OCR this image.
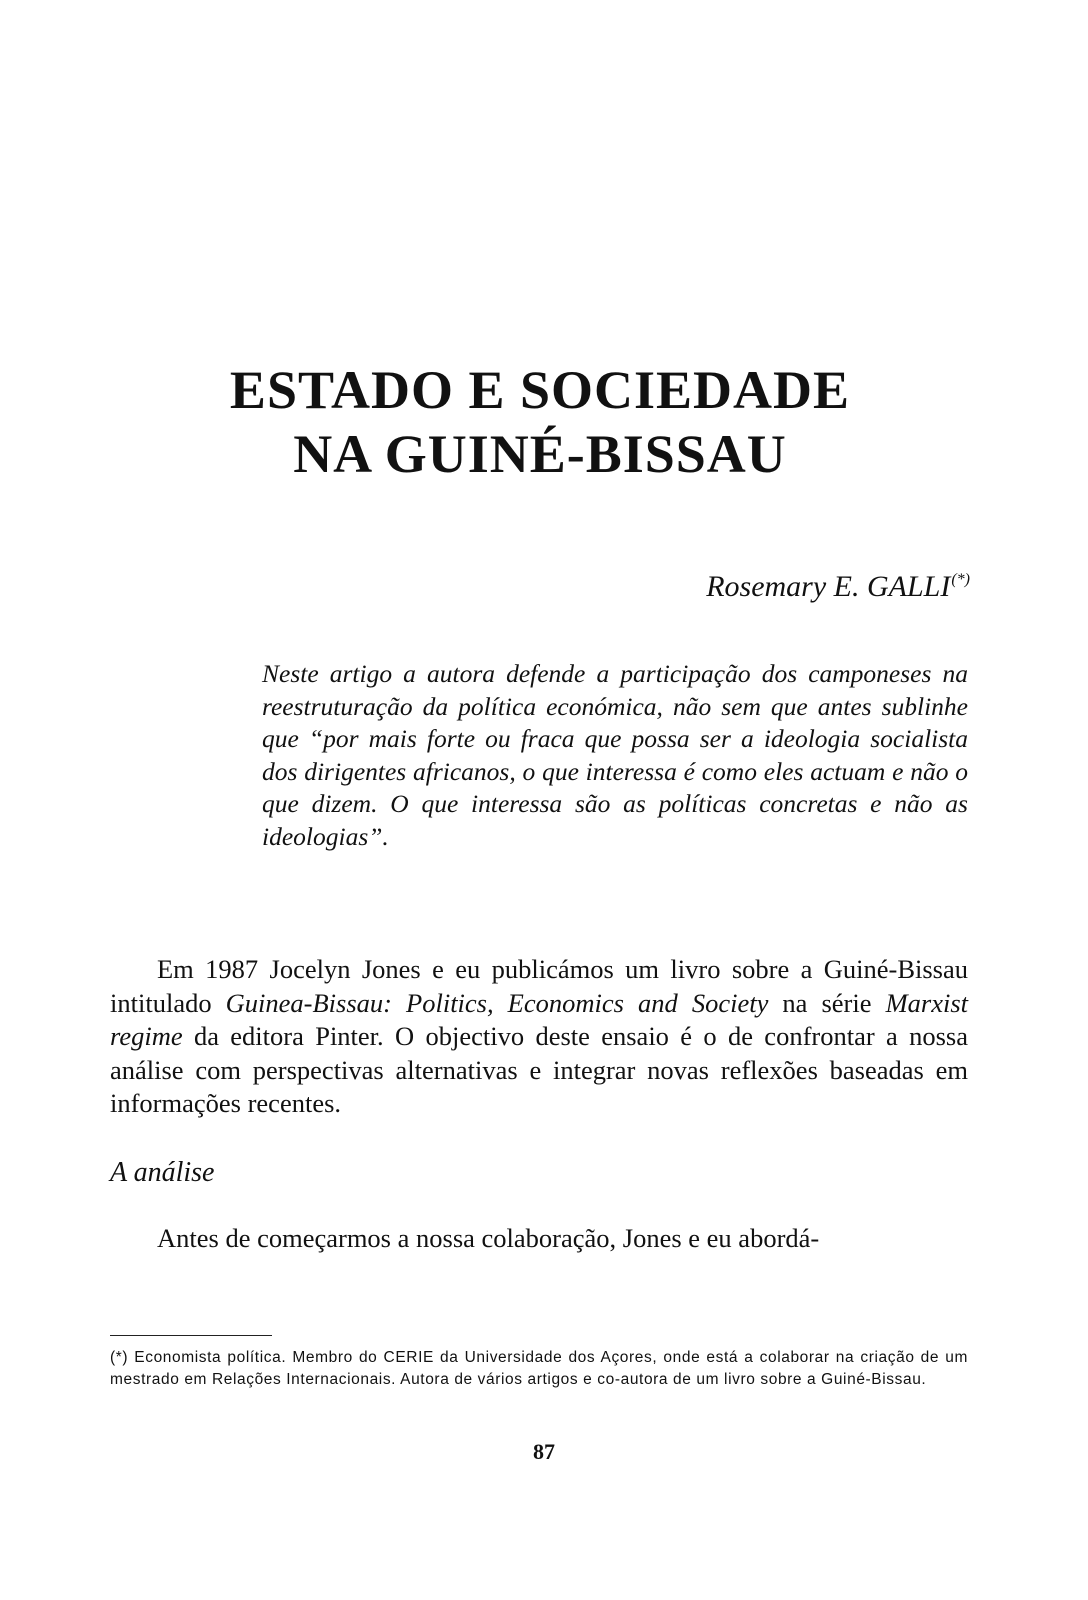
ESTADO E SOCIEDADE
NA GUINÉ-BISSAU
Rosemary E. GALLI(*)

Neste artigo a autora defende a participação dos camponeses na reestruturação da política económica, não sem que antes sublinhe que “por mais forte ou fraca que possa ser a ideologia socialista dos dirigentes africanos, o que interessa é como eles actuam e não o que dizem. O que interessa são as políticas concretas e não as ideologias”.

Em 1987 Jocelyn Jones e eu publicámos um livro sobre a Guiné-Bissau intitulado Guinea-Bissau: Politics, Economics and Society na série Marxist regime da editora Pinter. O objectivo deste ensaio é o de confrontar a nossa análise com perspectivas alternativas e integrar novas reflexões baseadas em informações recentes.

A análise

Antes de começarmos a nossa colaboração, Jones e eu abordá-

(*) Economista política. Membro do CERIE da Universidade dos Açores, onde está a colaborar na criação de um mestrado em Relações Internacionais. Autora de vários artigos e co-autora de um livro sobre a Guiné-Bissau.

87
